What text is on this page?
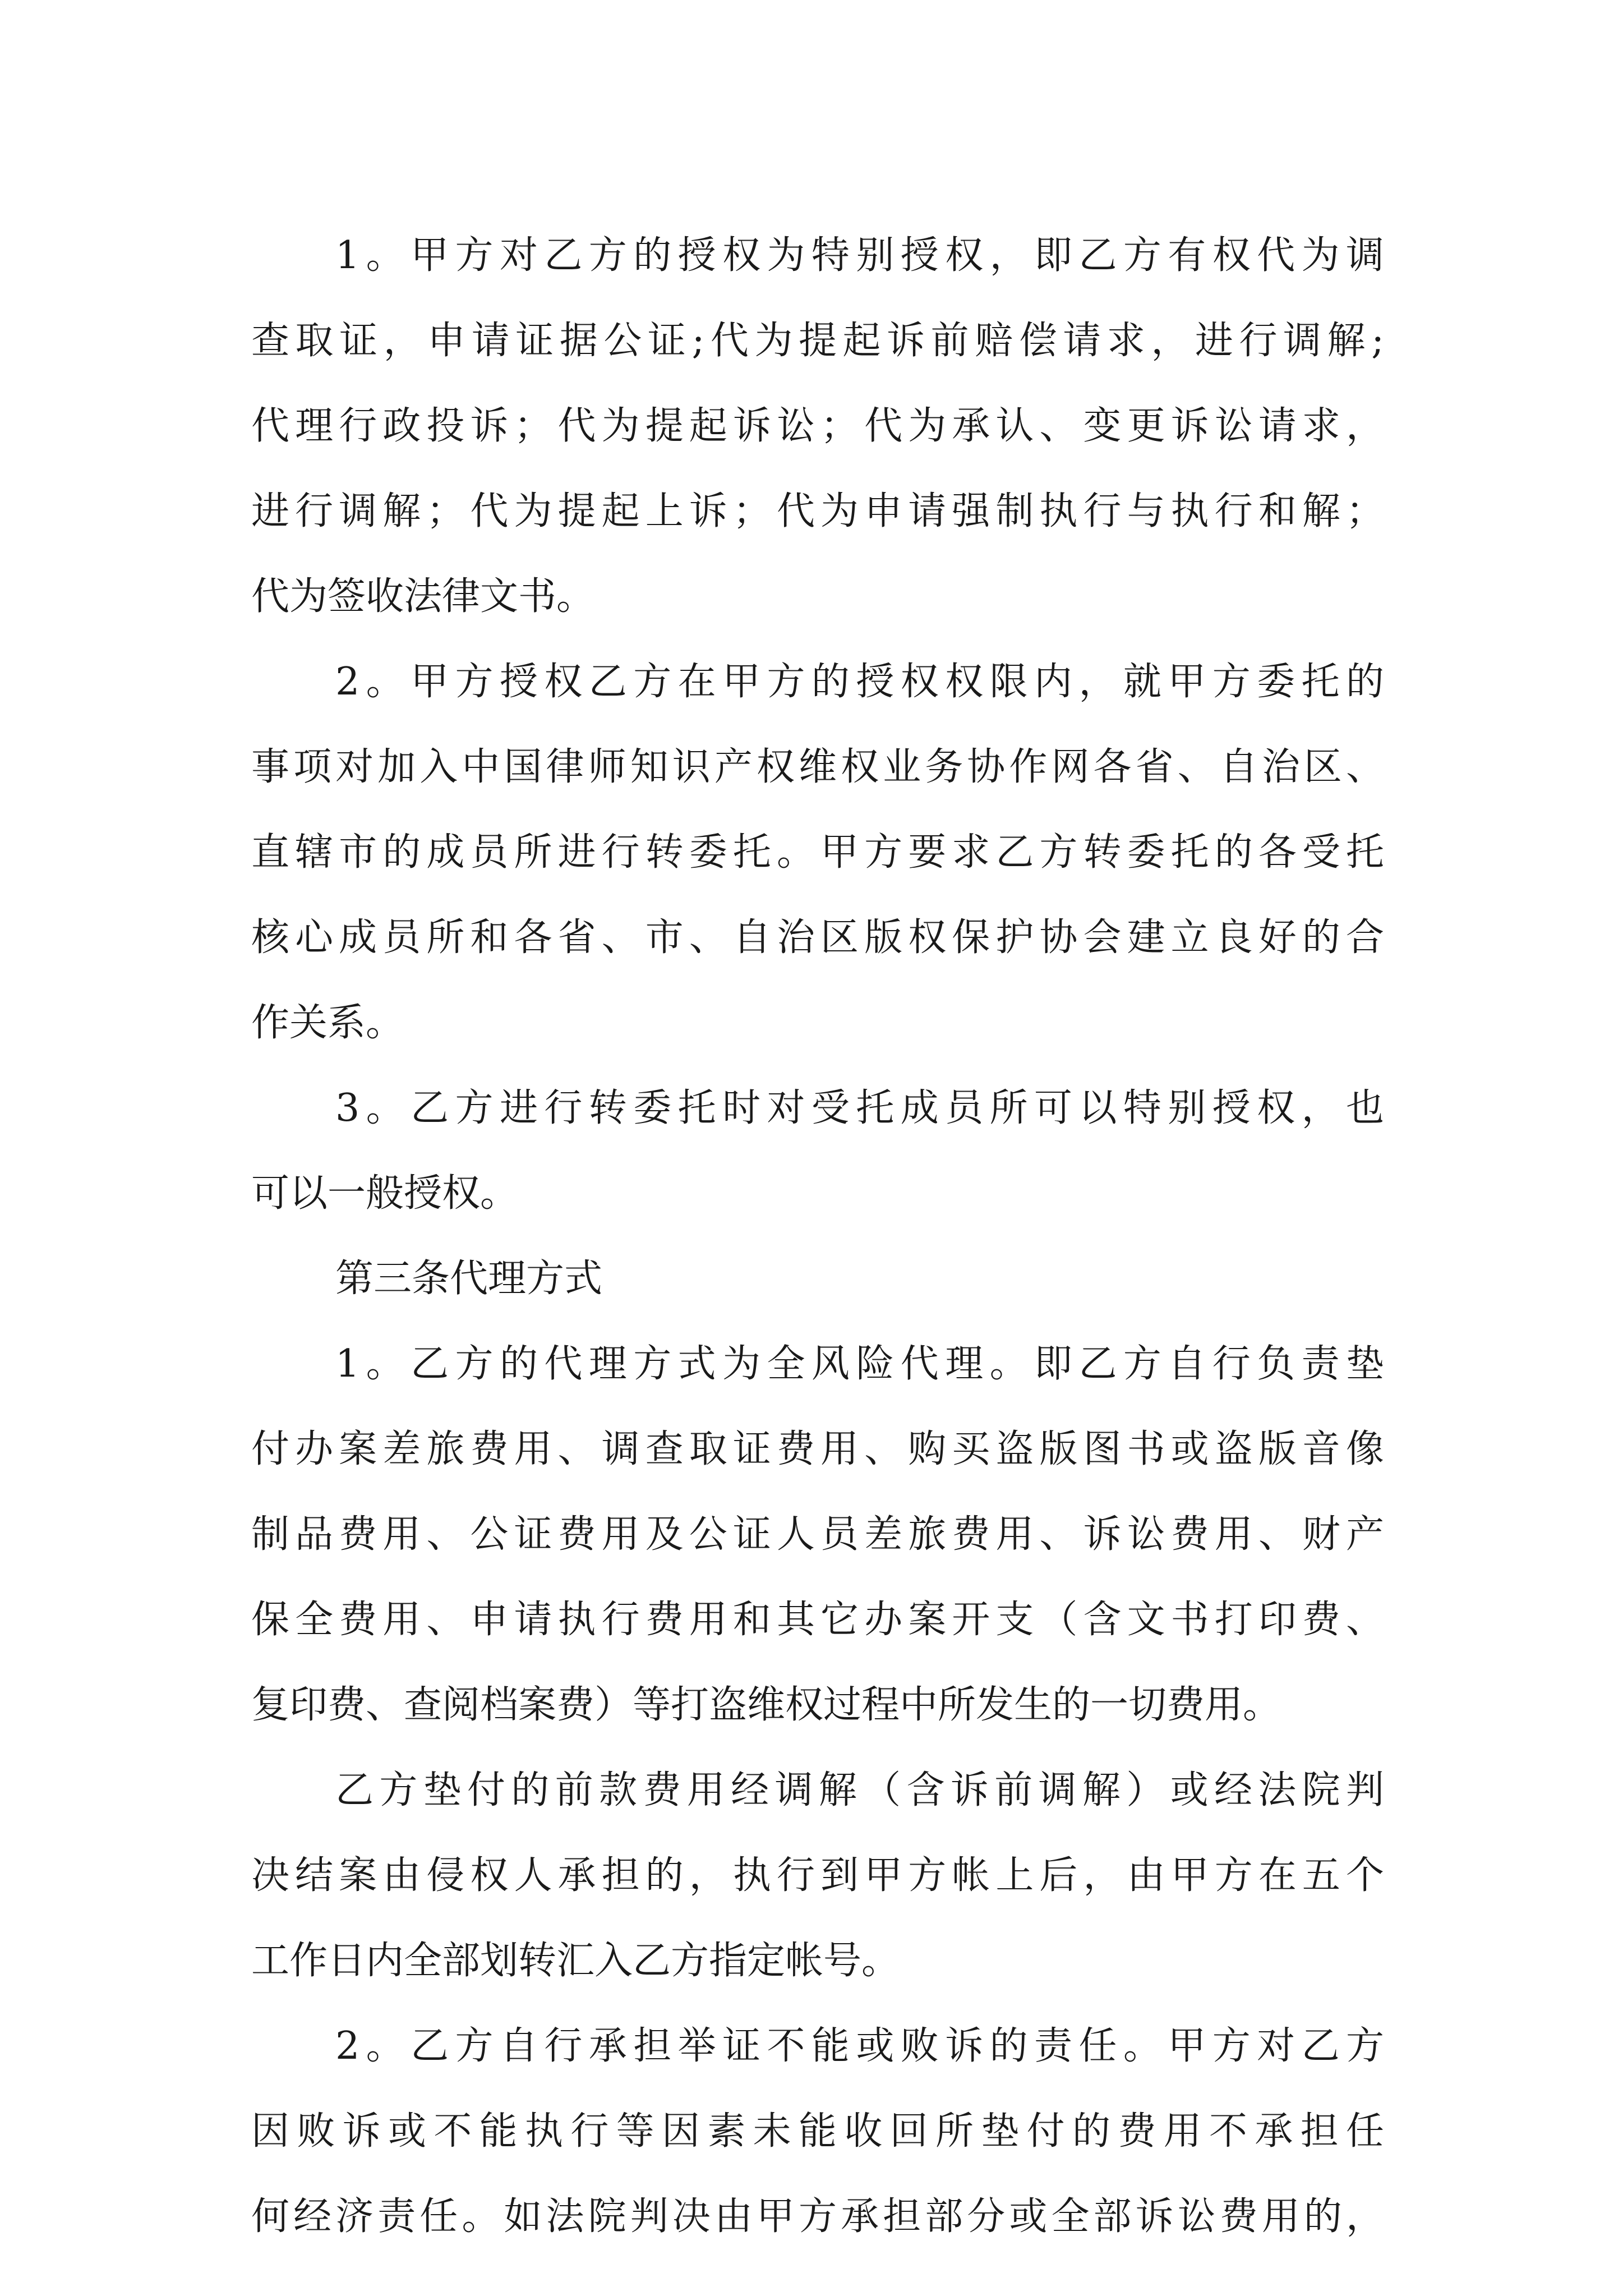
1。甲方对乙方的授权为特别授权，即乙方有权代为调
查取证，申请证据公证;代为提起诉前赔偿请求，进行调解;
代理行政投诉；代为提起诉讼；代为承认、变更诉讼请求，
进行调解；代为提起上诉；代为申请强制执行与执行和解；
代为签收法律文书。
2。甲方授权乙方在甲方的授权权限内，就甲方委托的
事项对加入中国律师知识产权维权业务协作网各省、自治区、
直辖市的成员所进行转委托。甲方要求乙方转委托的各受托
核心成员所和各省、市、自治区版权保护协会建立良好的合
作关系。
3。乙方进行转委托时对受托成员所可以特别授权，也
可以一般授权。
第三条代理方式
1。乙方的代理方式为全风险代理。即乙方自行负责垫
付办案差旅费用、调查取证费用、购买盗版图书或盗版音像
制品费用、公证费用及公证人员差旅费用、诉讼费用、财产
保全费用、申请执行费用和其它办案开支（含文书打印费、
复印费、查阅档案费）等打盗维权过程中所发生的一切费用。
乙方垫付的前款费用经调解（含诉前调解）或经法院判
决结案由侵权人承担的，执行到甲方帐上后，由甲方在五个
工作日内全部划转汇入乙方指定帐号。
2。乙方自行承担举证不能或败诉的责任。甲方对乙方
因败诉或不能执行等因素未能收回所垫付的费用不承担任
何经济责任。如法院判决由甲方承担部分或全部诉讼费用的，
